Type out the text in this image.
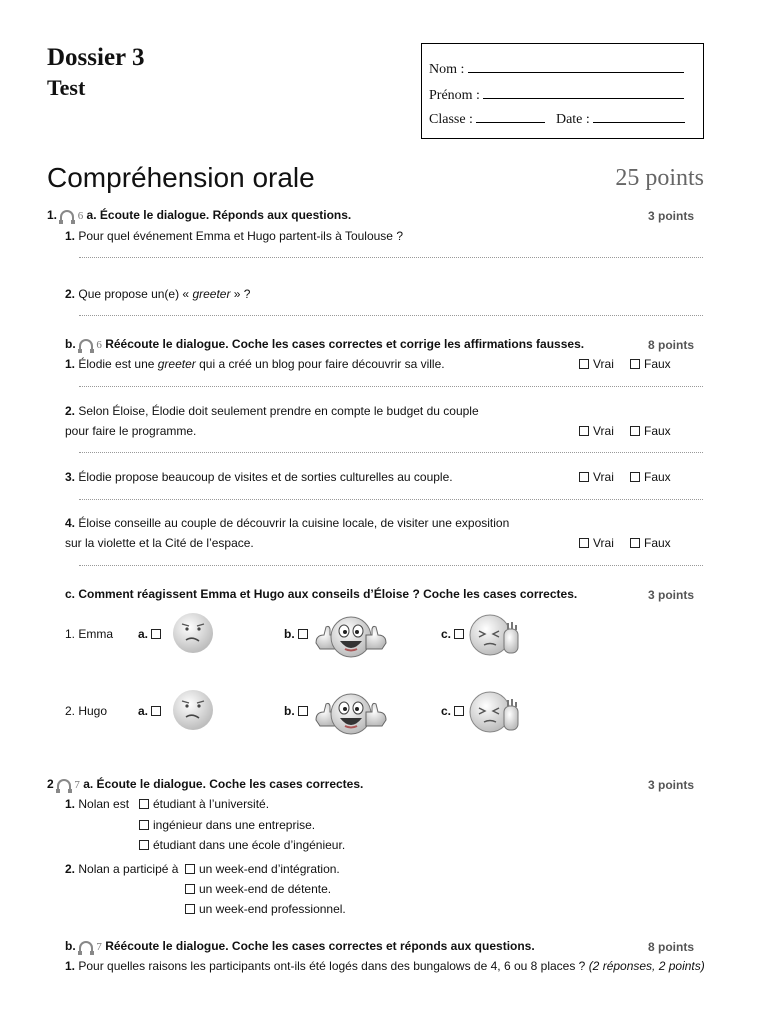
Dossier 3
Test
Nom :
Prénom :
Classe :	Date :
Compréhension orale	25 points
1. 6 a. Écoute le dialogue. Réponds aux questions.	3 points
1. Pour quel événement Emma et Hugo partent-ils à Toulouse ?
2. Que propose un(e) « greeter » ?
b. 6 Réécoute le dialogue. Coche les cases correctes et corrige les affirmations fausses.	8 points
1. Élodie est une greeter qui a créé un blog pour faire découvrir sa ville.	Vrai	Faux
2. Selon Éloise, Élodie doit seulement prendre en compte le budget du couple
pour faire le programme.	Vrai	Faux
3. Élodie propose beaucoup de visites et de sorties culturelles au couple.	Vrai	Faux
4. Éloise conseille au couple de découvrir la cuisine locale, de visiter une exposition
sur la violette et la Cité de l’espace.	Vrai	Faux
c. Comment réagissent Emma et Hugo aux conseils d’Éloise ? Coche les cases correctes.	3 points
1. Emma a.	b.	c.
2. Hugo	a.	b.	c.
2 7 a. Écoute le dialogue. Coche les cases correctes.	3 points
1. Nolan est	étudiant à l’université.
ingénieur dans une entreprise.
étudiant dans une école d’ingénieur.
2. Nolan a participé à	un week-end d’intégration.
un week-end de détente.
un week-end professionnel.
b. 7 Réécoute le dialogue. Coche les cases correctes et réponds aux questions.	8 points
1. Pour quelles raisons les participants ont-ils été logés dans des bungalows de 4, 6 ou 8 places ? (2 réponses, 2 points)
